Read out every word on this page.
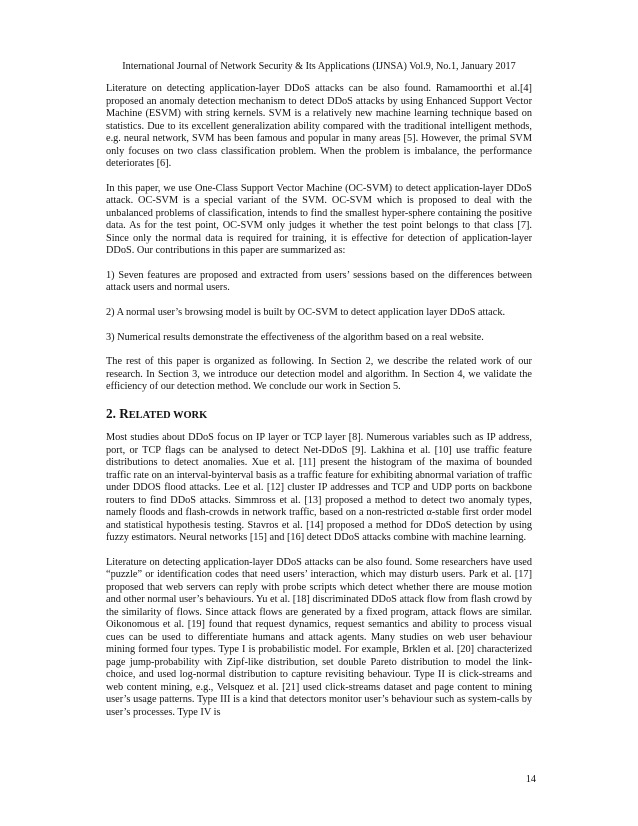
International Journal of Network Security & Its Applications (IJNSA) Vol.9, No.1, January 2017

Literature on detecting application-layer DDoS attacks can be also found. Ramamoorthi et al.[4] proposed an anomaly detection mechanism to detect DDoS attacks by using Enhanced Support Vector Machine (ESVM) with string kernels. SVM is a relatively new machine learning technique based on statistics. Due to its excellent generalization ability compared with the traditional intelligent methods, e.g. neural network, SVM has been famous and popular in many areas [5]. However, the primal SVM only focuses on two class classification problem. When the problem is imbalance, the performance deteriorates [6].

In this paper, we use One-Class Support Vector Machine (OC-SVM) to detect application-layer DDoS attack. OC-SVM is a special variant of the SVM. OC-SVM which is proposed to deal with the unbalanced problems of classification, intends to find the smallest hyper-sphere containing the positive data. As for the test point, OC-SVM only judges it whether the test point belongs to that class [7]. Since only the normal data is required for training, it is effective for detection of application-layer DDoS. Our contributions in this paper are summarized as:

1) Seven features are proposed and extracted from users’ sessions based on the differences between attack users and normal users.

2) A normal user’s browsing model is built by OC-SVM to detect application layer DDoS attack.

3) Numerical results demonstrate the effectiveness of the algorithm based on a real website.

The rest of this paper is organized as following. In Section 2, we describe the related work of our research. In Section 3, we introduce our detection model and algorithm. In Section 4, we validate the efficiency of our detection method. We conclude our work in Section 5.

2. RELATED WORK

Most studies about DDoS focus on IP layer or TCP layer [8]. Numerous variables such as IP address, port, or TCP flags can be analysed to detect Net-DDoS [9]. Lakhina et al. [10] use traffic feature distributions to detect anomalies. Xue et al. [11] present the histogram of the maxima of bounded traffic rate on an interval-byinterval basis as a traffic feature for exhibiting abnormal variation of traffic under DDOS flood attacks. Lee et al. [12] cluster IP addresses and TCP and UDP ports on backbone routers to find DDoS attacks. Simmross et al. [13] proposed a method to detect two anomaly types, namely floods and flash-crowds in network traffic, based on a non-restricted α-stable first order model and statistical hypothesis testing. Stavros et al. [14] proposed a method for DDoS detection by using fuzzy estimators. Neural networks [15] and [16] detect DDoS attacks combine with machine learning.

Literature on detecting application-layer DDoS attacks can be also found. Some researchers have used “puzzle” or identification codes that need users’ interaction, which may disturb users. Park et al. [17] proposed that web servers can reply with probe scripts which detect whether there are mouse motion and other normal user’s behaviours. Yu et al. [18] discriminated DDoS attack flow from flash crowd by the similarity of flows. Since attack flows are generated by a fixed program, attack flows are similar. Oikonomous et al. [19] found that request dynamics, request semantics and ability to process visual cues can be used to differentiate humans and attack agents. Many studies on web user behaviour mining formed four types. Type I is probabilistic model. For example, Brklen et al. [20] characterized page jump-probability with Zipf-like distribution, set double Pareto distribution to model the link-choice, and used log-normal distribution to capture revisiting behaviour. Type II is click-streams and web content mining, e.g., Velsquez et al. [21] used click-streams dataset and page content to mining user’s usage patterns. Type III is a kind that detectors monitor user’s behaviour such as system-calls by user’s processes. Type IV is

14
